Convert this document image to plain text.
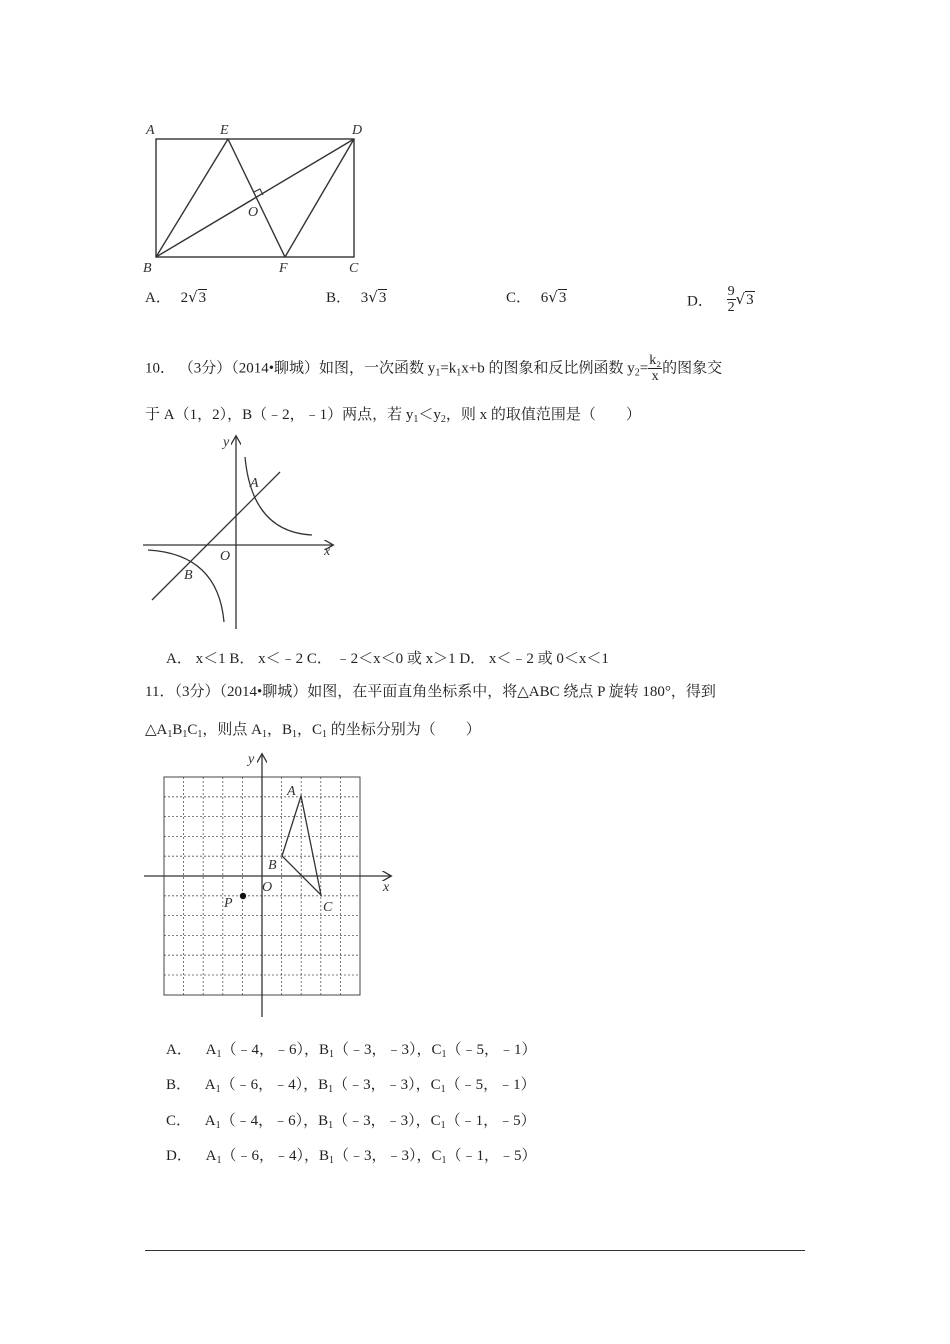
A	E	D
O
B	F	C
A． 2√3	B． 3√3	C． 6√3	D． $\frac{9}{2} √3$
10． （3分）（2014•聊城）如图，一次函数 $y_1=k_1x+b$ 的图象和反比例函数 $y_2= \frac{\text{k₂}}{x}$ 的图象交
于 A（1，2），B（﹣2，﹣1）两点，若 $y_1<y_2$，则 x 的取值范围是（　　）
y
x
O
A
B
A． x＜1 B． x＜﹣2 C． ﹣2＜x＜0 或 x＞1 D． x＜﹣2 或 0＜x＜1
11．（3分）（2014•聊城）如图，在平面直角坐标系中，将△ABC 绕点 P 旋转 180°，得到
$\triangle A_1B_1C_1$，则点 $A_1$，$B_1$，$C_1$ 的坐标分别为（　　）
y
x
O
A
B
C
P
A． $A_1(﹣4$，﹣6），$B_1(﹣3$，﹣3），$C_1(﹣5$，﹣1）
B． $A_1(﹣6$，﹣4），$B_1(﹣3$，﹣3），$C_1(﹣5$，﹣1）
C． $A_1(﹣4$，﹣6），$B_1(﹣3$，﹣3），$C_1(﹣1$，﹣5）
D． $A_1(﹣6$，﹣4），$B_1(﹣3$，﹣3），$C_1(﹣1$，﹣5）
